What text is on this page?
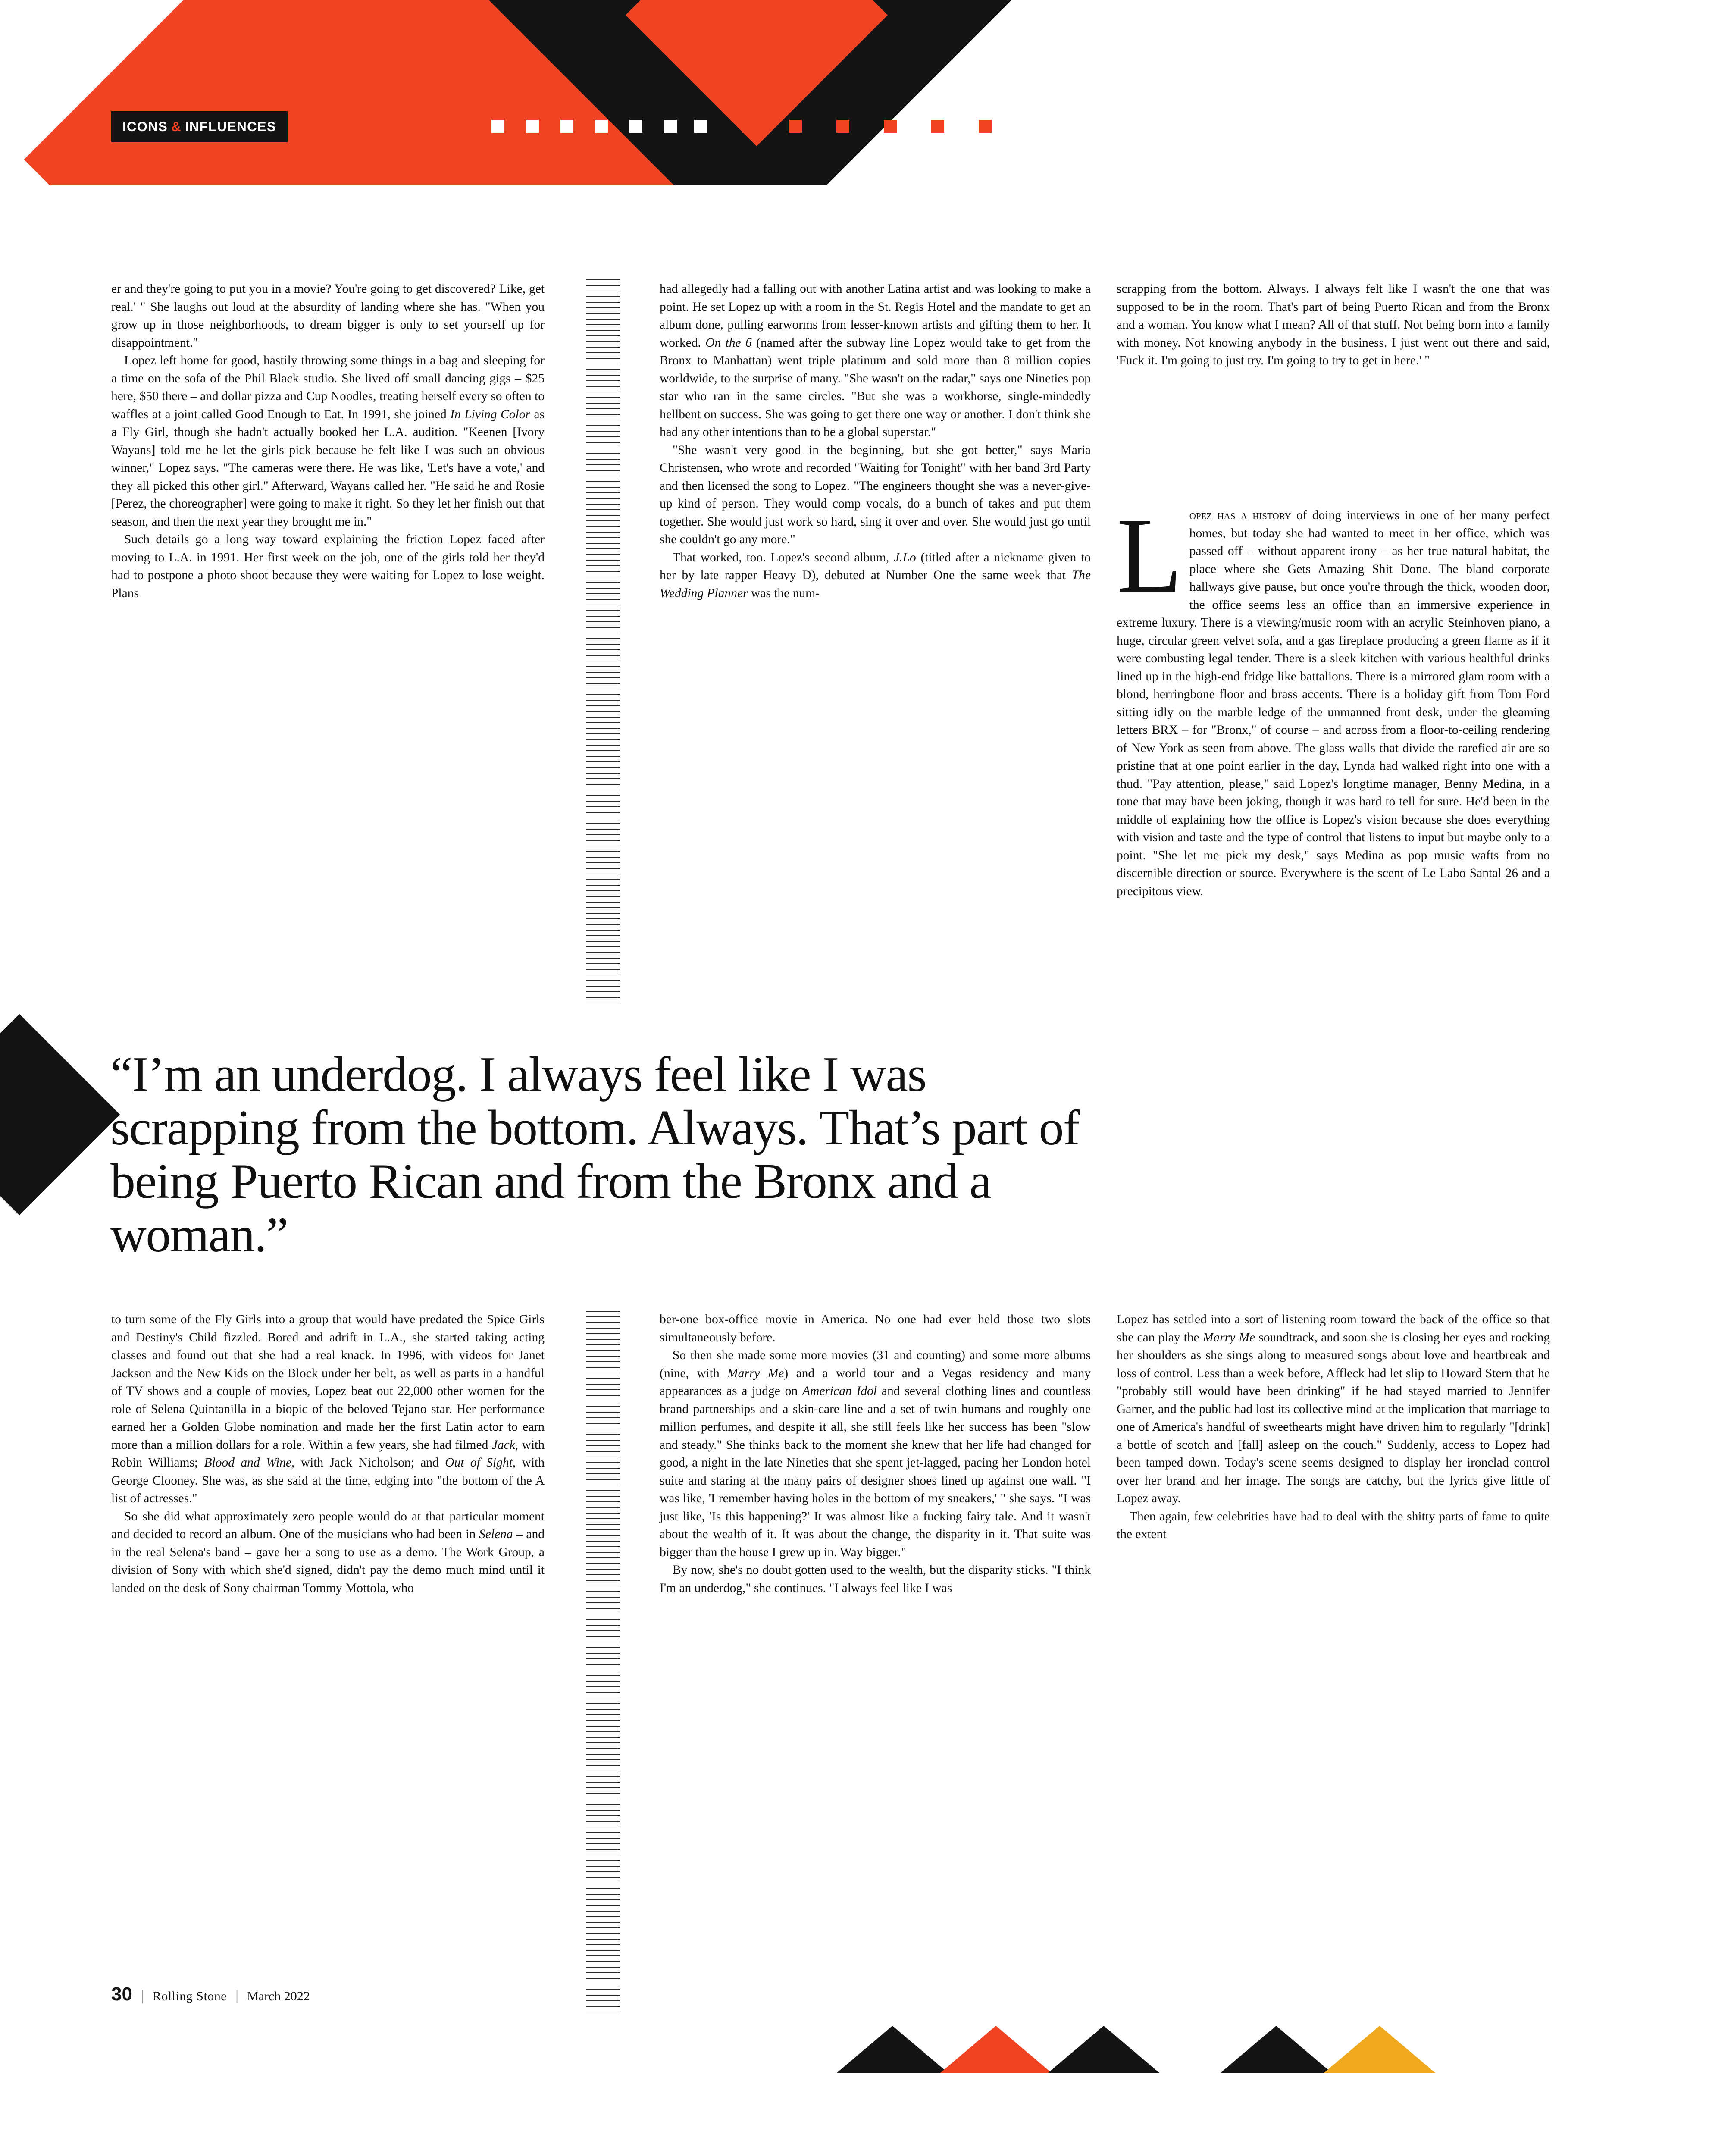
ICONS & INFLUENCES

er and they're going to put you in a movie? You're going to get discovered? Like, get real.' " She laughs out loud at the absurdity of landing where she has. "When you grow up in those neighborhoods, to dream bigger is only to set yourself up for disappointment."

Lopez left home for good, hastily throwing some things in a bag and sleeping for a time on the sofa of the Phil Black studio. She lived off small dancing gigs – $25 here, $50 there – and dollar pizza and Cup Noodles, treating herself every so often to waffles at a joint called Good Enough to Eat. In 1991, she joined In Living Color as a Fly Girl, though she hadn't actually booked her L.A. audition. "Keenen [Ivory Wayans] told me he let the girls pick because he felt like I was such an obvious winner," Lopez says. "The cameras were there. He was like, 'Let's have a vote,' and they all picked this other girl." Afterward, Wayans called her. "He said he and Rosie [Perez, the choreographer] were going to make it right. So they let her finish out that season, and then the next year they brought me in."

Such details go a long way toward explaining the friction Lopez faced after moving to L.A. in 1991. Her first week on the job, one of the girls told her they'd had to postpone a photo shoot because they were waiting for Lopez to lose weight. Plans

had allegedly had a falling out with another Latina artist and was looking to make a point. He set Lopez up with a room in the St. Regis Hotel and the mandate to get an album done, pulling earworms from lesser-known artists and gifting them to her. It worked. On the 6 (named after the subway line Lopez would take to get from the Bronx to Manhattan) went triple platinum and sold more than 8 million copies worldwide, to the surprise of many. "She wasn't on the radar," says one Nineties pop star who ran in the same circles. "But she was a workhorse, single-mindedly hellbent on success. She was going to get there one way or another. I don't think she had any other intentions than to be a global superstar."

"She wasn't very good in the beginning, but she got better," says Maria Christensen, who wrote and recorded "Waiting for Tonight" with her band 3rd Party and then licensed the song to Lopez. "The engineers thought she was a never-give-up kind of person. They would comp vocals, do a bunch of takes and put them together. She would just work so hard, sing it over and over. She would just go until she couldn't go any more."

That worked, too. Lopez's second album, J.Lo (titled after a nickname given to her by late rapper Heavy D), debuted at Number One the same week that The Wedding Planner was the num-

scrapping from the bottom. Always. I always felt like I wasn't the one that was supposed to be in the room. That's part of being Puerto Rican and from the Bronx and a woman. You know what I mean? All of that stuff. Not being born into a family with money. Not knowing anybody in the business. I just went out there and said, 'Fuck it. I'm going to just try. I'm going to try to get in here.' "

Lopez has a history of doing interviews in one of her many perfect homes, but today she had wanted to meet in her office, which was passed off – without apparent irony – as her true natural habitat, the place where she Gets Amazing Shit Done. The bland corporate hallways give pause, but once you're through the thick, wooden door, the office seems less an office than an immersive experience in extreme luxury. There is a viewing/music room with an acrylic Steinhoven piano, a huge, circular green velvet sofa, and a gas fireplace producing a green flame as if it were combusting legal tender. There is a sleek kitchen with various healthful drinks lined up in the high-end fridge like battalions. There is a mirrored glam room with a blond, herringbone floor and brass accents. There is a holiday gift from Tom Ford sitting idly on the marble ledge of the unmanned front desk, under the gleaming letters BRX – for "Bronx," of course – and across from a floor-to-ceiling rendering of New York as seen from above. The glass walls that divide the rarefied air are so pristine that at one point earlier in the day, Lynda had walked right into one with a thud. "Pay attention, please," said Lopez's longtime manager, Benny Medina, in a tone that may have been joking, though it was hard to tell for sure. He'd been in the middle of explaining how the office is Lopez's vision because she does everything with vision and taste and the type of control that listens to input but maybe only to a point. "She let me pick my desk," says Medina as pop music wafts from no discernible direction or source. Everywhere is the scent of Le Labo Santal 26 and a precipitous view.

Lopez has settled into a sort of listening room toward the back of the office so that she can play the Marry Me soundtrack, and soon she is closing her eyes and rocking her shoulders as she sings along to measured songs about love and heartbreak and loss of control. Less than a week before, Affleck had let slip to Howard Stern that he "probably still would have been drinking" if he had stayed married to Jennifer Garner, and the public had lost its collective mind at the implication that marriage to one of America's handful of sweethearts might have driven him to regularly "[drink] a bottle of scotch and [fall] asleep on the couch." Suddenly, access to Lopez had been tamped down. Today's scene seems designed to display her ironclad control over her brand and her image. The songs are catchy, but the lyrics give little of Lopez away.

Then again, few celebrities have had to deal with the shitty parts of fame to quite the extent

“I’m an underdog. I always feel like I was scrapping from the bottom. Always. That’s part of being Puerto Rican and from the Bronx and a woman.”

to turn some of the Fly Girls into a group that would have predated the Spice Girls and Destiny's Child fizzled. Bored and adrift in L.A., she started taking acting classes and found out that she had a real knack. In 1996, with videos for Janet Jackson and the New Kids on the Block under her belt, as well as parts in a handful of TV shows and a couple of movies, Lopez beat out 22,000 other women for the role of Selena Quintanilla in a biopic of the beloved Tejano star. Her performance earned her a Golden Globe nomination and made her the first Latin actor to earn more than a million dollars for a role. Within a few years, she had filmed Jack, with Robin Williams; Blood and Wine, with Jack Nicholson; and Out of Sight, with George Clooney. She was, as she said at the time, edging into "the bottom of the A list of actresses."

So she did what approximately zero people would do at that particular moment and decided to record an album. One of the musicians who had been in Selena – and in the real Selena's band – gave her a song to use as a demo. The Work Group, a division of Sony with which she'd signed, didn't pay the demo much mind until it landed on the desk of Sony chairman Tommy Mottola, who

ber-one box-office movie in America. No one had ever held those two slots simultaneously before.

So then she made some more movies (31 and counting) and some more albums (nine, with Marry Me) and a world tour and a Vegas residency and many appearances as a judge on American Idol and several clothing lines and countless brand partnerships and a skin-care line and a set of twin humans and roughly one million perfumes, and despite it all, she still feels like her success has been "slow and steady." She thinks back to the moment she knew that her life had changed for good, a night in the late Nineties that she spent jet-lagged, pacing her London hotel suite and staring at the many pairs of designer shoes lined up against one wall. "I was like, 'I remember having holes in the bottom of my sneakers,' " she says. "I was just like, 'Is this happening?' It was almost like a fucking fairy tale. And it wasn't about the wealth of it. It was about the change, the disparity in it. That suite was bigger than the house I grew up in. Way bigger."

By now, she's no doubt gotten used to the wealth, but the disparity sticks. "I think I'm an underdog," she continues. "I always feel like I was

30 | Rolling Stone | March 2022
